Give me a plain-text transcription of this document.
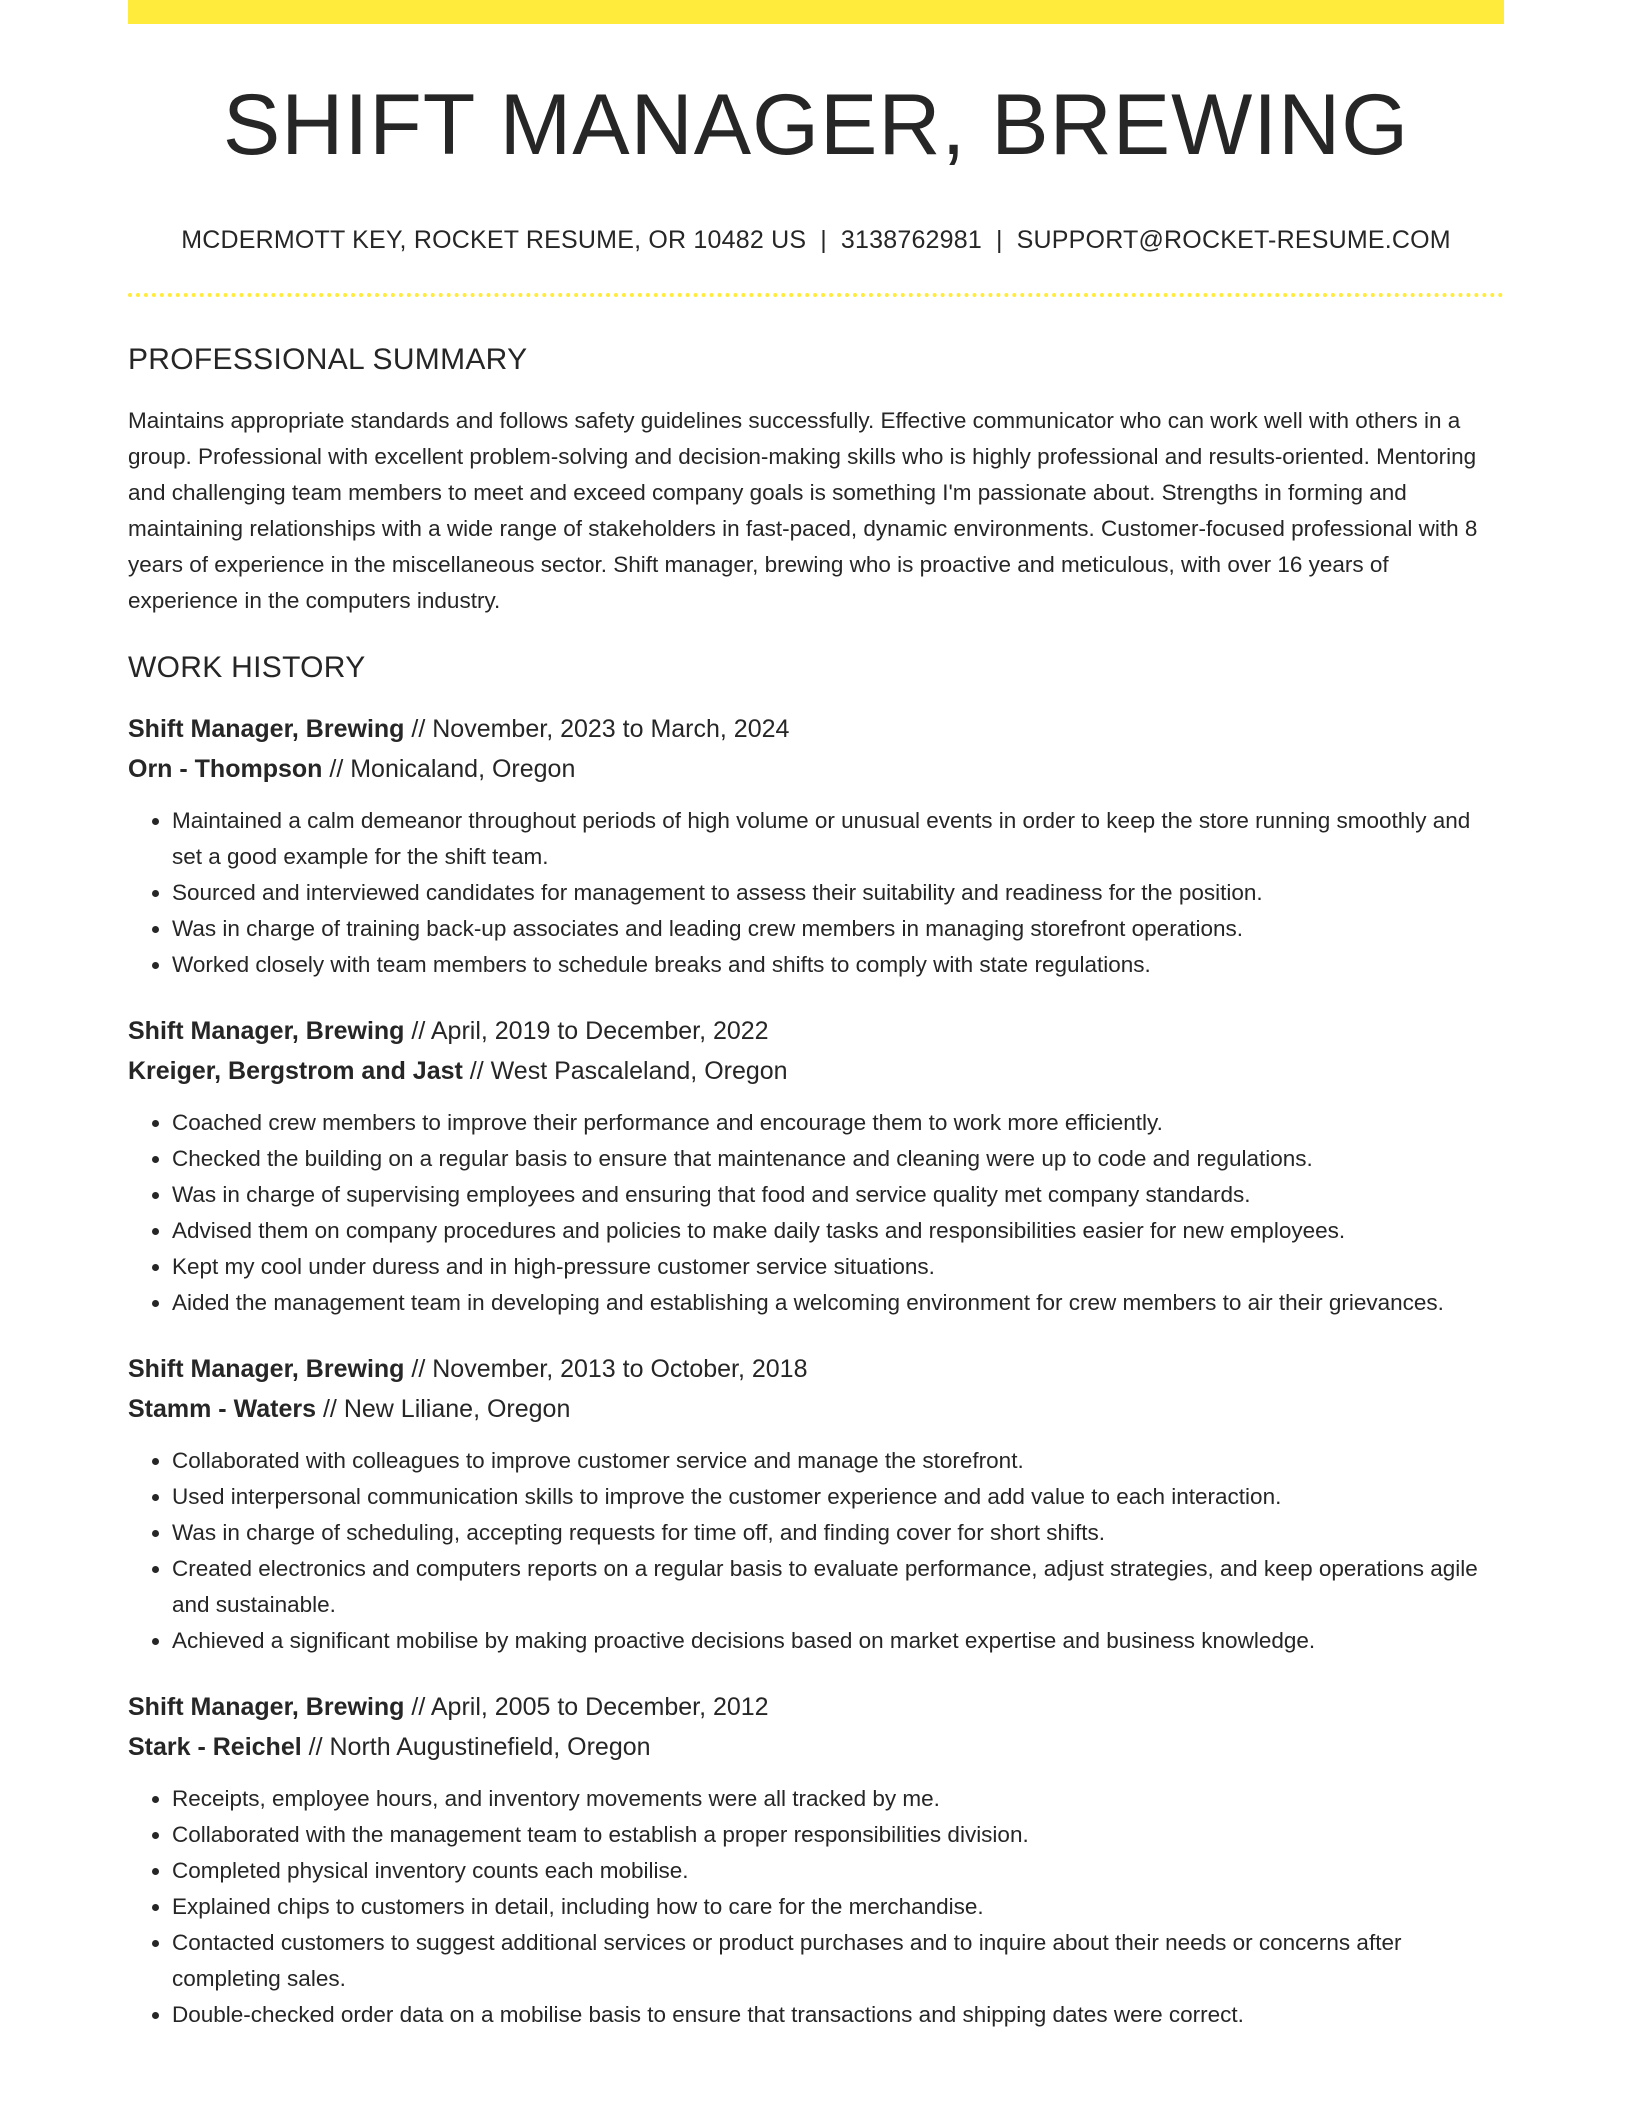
SHIFT MANAGER, BREWING
MCDERMOTT KEY, ROCKET RESUME, OR 10482 US | 3138762981 | SUPPORT@ROCKET-RESUME.COM
PROFESSIONAL SUMMARY

Maintains appropriate standards and follows safety guidelines successfully. Effective communicator who can work well with others in a group. Professional with excellent problem-solving and decision-making skills who is highly professional and results-oriented. Mentoring and challenging team members to meet and exceed company goals is something I'm passionate about. Strengths in forming and maintaining relationships with a wide range of stakeholders in fast-paced, dynamic environments. Customer-focused professional with 8 years of experience in the miscellaneous sector. Shift manager, brewing who is proactive and meticulous, with over 16 years of experience in the computers industry.

WORK HISTORY
Shift Manager, Brewing // November, 2023 to March, 2024
Orn - Thompson // Monicaland, Oregon
• Maintained a calm demeanor throughout periods of high volume or unusual events in order to keep the store running smoothly and set a good example for the shift team.
• Sourced and interviewed candidates for management to assess their suitability and readiness for the position.
• Was in charge of training back-up associates and leading crew members in managing storefront operations.
• Worked closely with team members to schedule breaks and shifts to comply with state regulations.
Shift Manager, Brewing // April, 2019 to December, 2022
Kreiger, Bergstrom and Jast // West Pascaleland, Oregon
• Coached crew members to improve their performance and encourage them to work more efficiently.
• Checked the building on a regular basis to ensure that maintenance and cleaning were up to code and regulations.
• Was in charge of supervising employees and ensuring that food and service quality met company standards.
• Advised them on company procedures and policies to make daily tasks and responsibilities easier for new employees.
• Kept my cool under duress and in high-pressure customer service situations.
• Aided the management team in developing and establishing a welcoming environment for crew members to air their grievances.
Shift Manager, Brewing // November, 2013 to October, 2018
Stamm - Waters // New Liliane, Oregon
• Collaborated with colleagues to improve customer service and manage the storefront.
• Used interpersonal communication skills to improve the customer experience and add value to each interaction.
• Was in charge of scheduling, accepting requests for time off, and finding cover for short shifts.
• Created electronics and computers reports on a regular basis to evaluate performance, adjust strategies, and keep operations agile and sustainable.
• Achieved a significant mobilise by making proactive decisions based on market expertise and business knowledge.
Shift Manager, Brewing // April, 2005 to December, 2012
Stark - Reichel // North Augustinefield, Oregon
• Receipts, employee hours, and inventory movements were all tracked by me.
• Collaborated with the management team to establish a proper responsibilities division.
• Completed physical inventory counts each mobilise.
• Explained chips to customers in detail, including how to care for the merchandise.
• Contacted customers to suggest additional services or product purchases and to inquire about their needs or concerns after completing sales.
• Double-checked order data on a mobilise basis to ensure that transactions and shipping dates were correct.
